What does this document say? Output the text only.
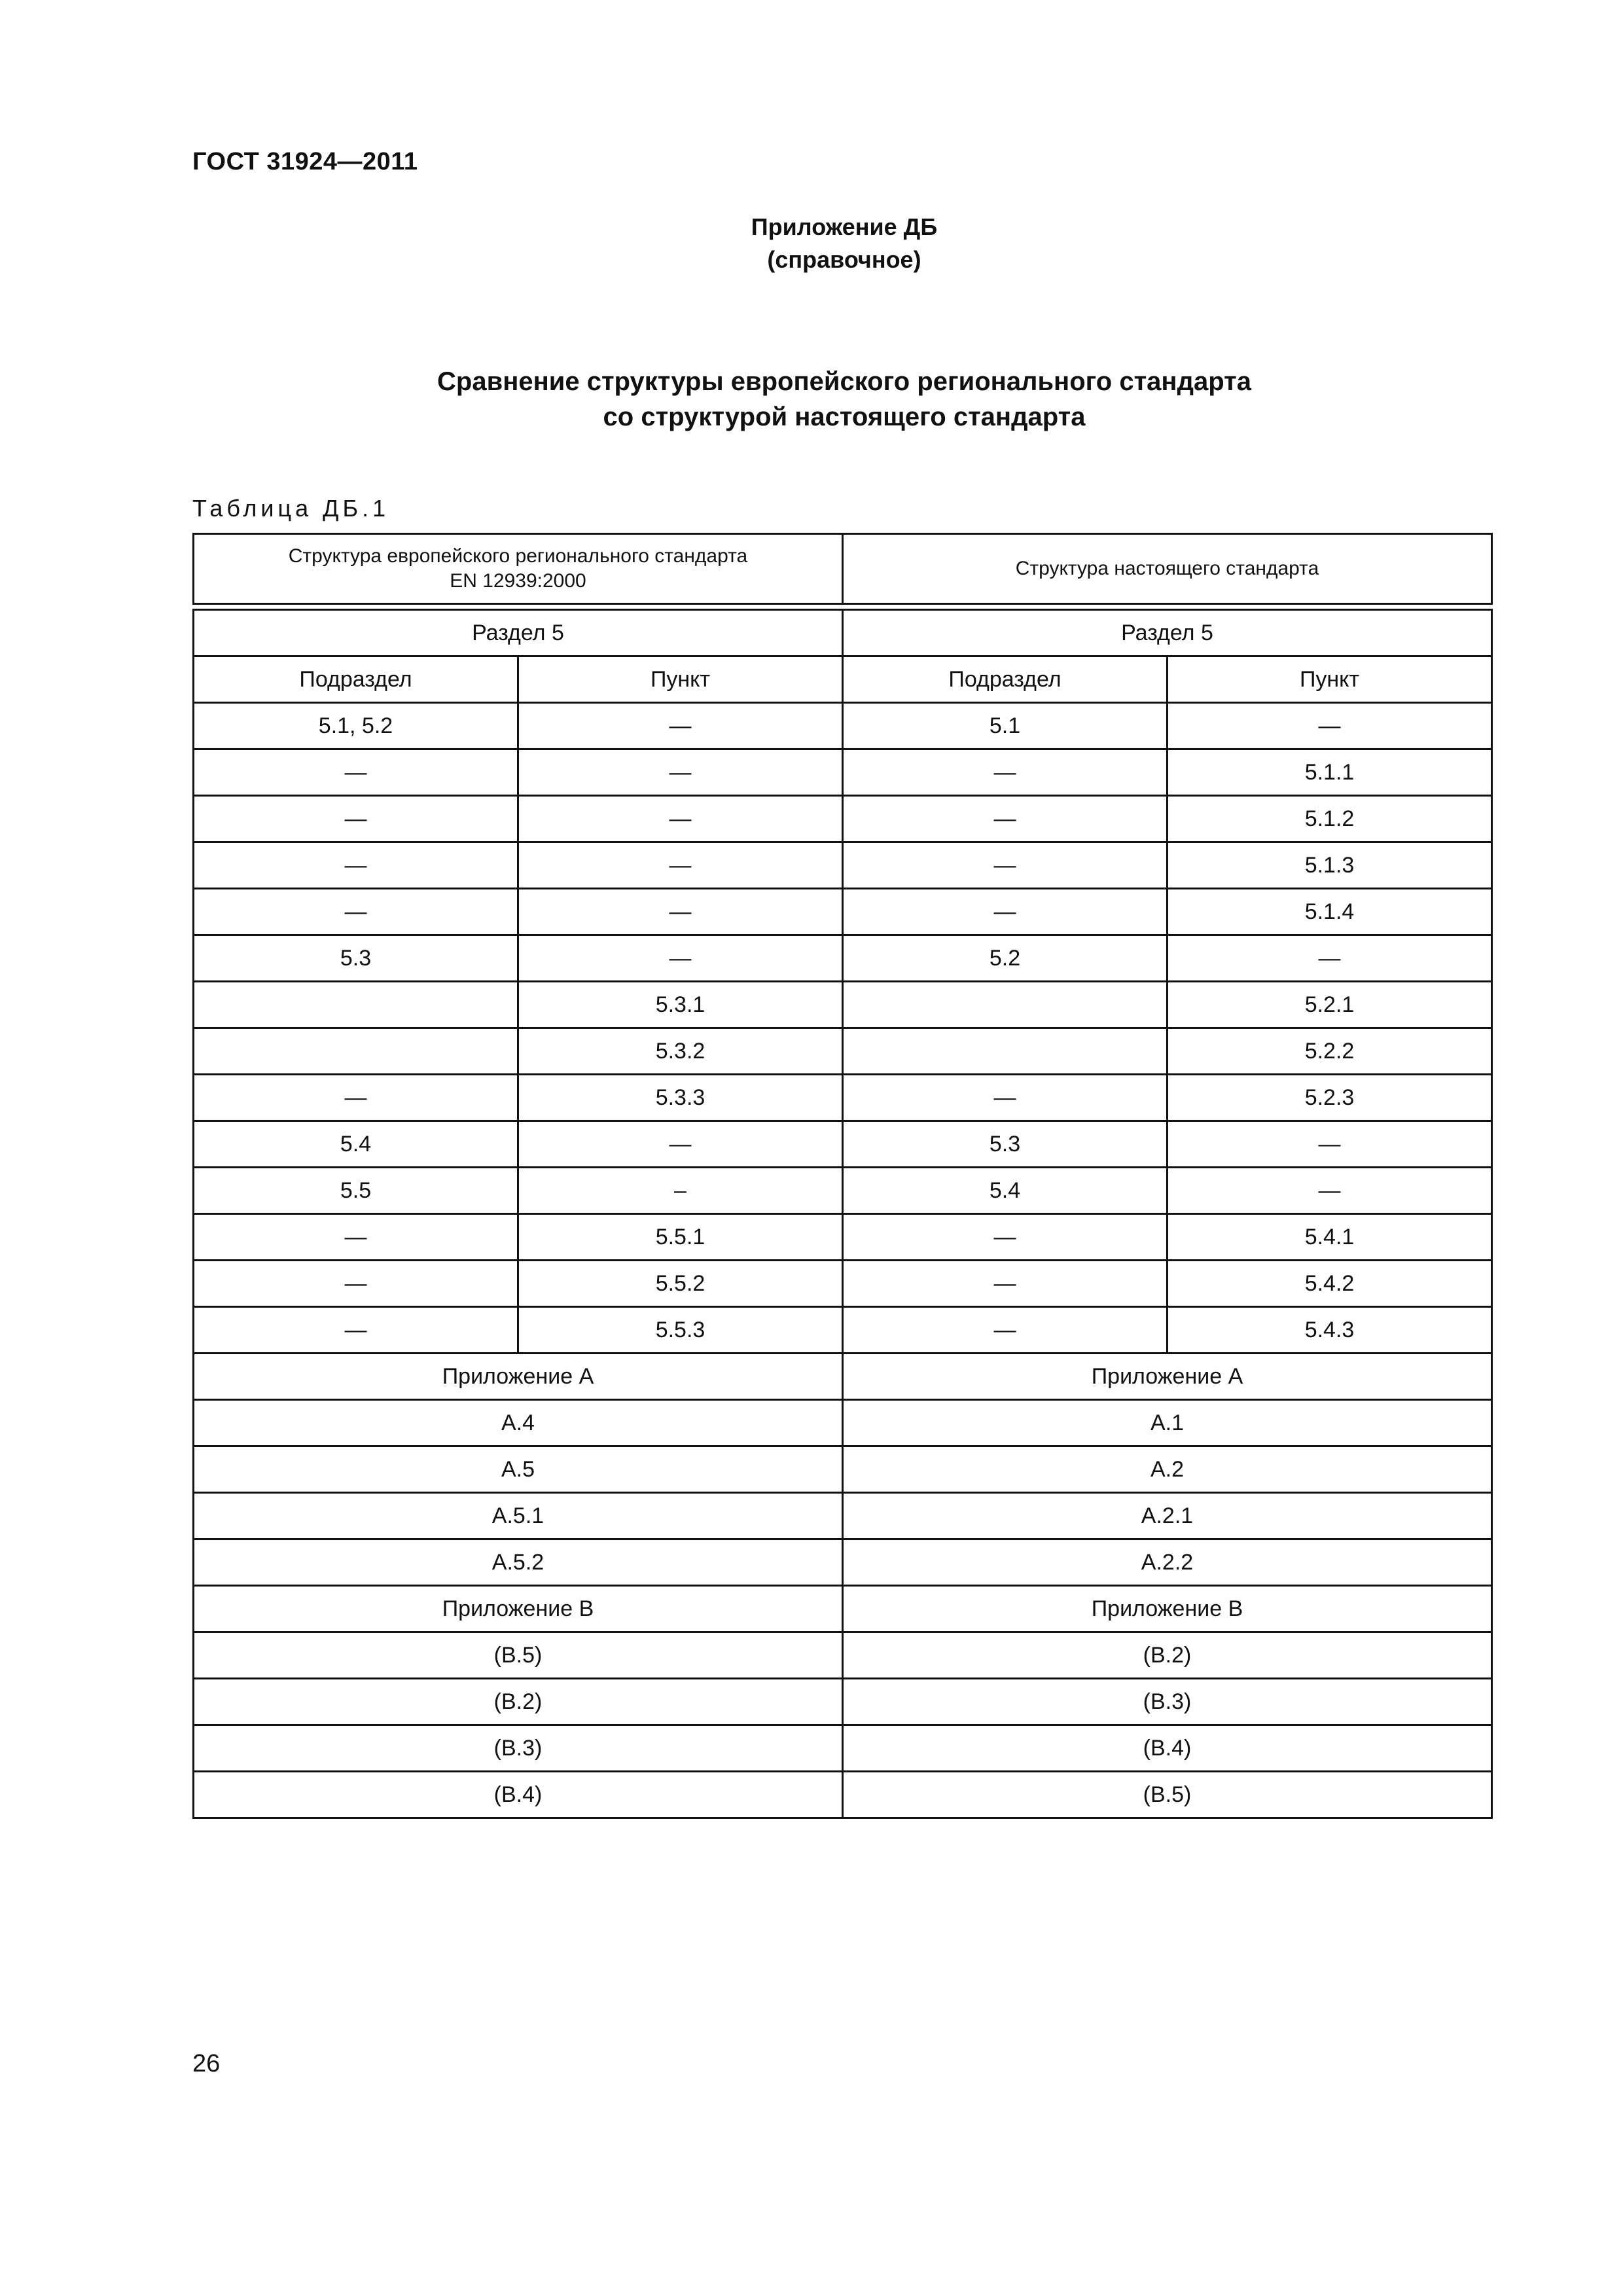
ГОСТ 31924—2011
Приложение ДБ
(справочное)
Сравнение структуры европейского регионального стандарта
со структурой настоящего стандарта
Таблица ДБ.1
Структура европейского регионального стандарта
EN 12939:2000		Структура настоящего стандарта	

Раздел 5		Раздел 5	
Подраздел	Пункт	Подраздел	Пункт
5.1, 5.2	—	5.1	—
—	—	—	5.1.1
—	—	—	5.1.2
—	—	—	5.1.3
—	—	—	5.1.4
5.3	—	5.2	—
	5.3.1		5.2.1
	5.3.2		5.2.2
—	5.3.3	—	5.2.3
5.4	—	5.3	—
5.5	–	5.4	—
—	5.5.1	—	5.4.1
—	5.5.2	—	5.4.2
—	5.5.3	—	5.4.3
Приложение А		Приложение А	
A.4		A.1	
A.5		A.2	
A.5.1		A.2.1	
A.5.2		A.2.2	
Приложение В		Приложение В	
(В.5)		(В.2)	
(В.2)		(В.3)	
(В.3)		(В.4)	
(В.4)		(В.5)	
26
